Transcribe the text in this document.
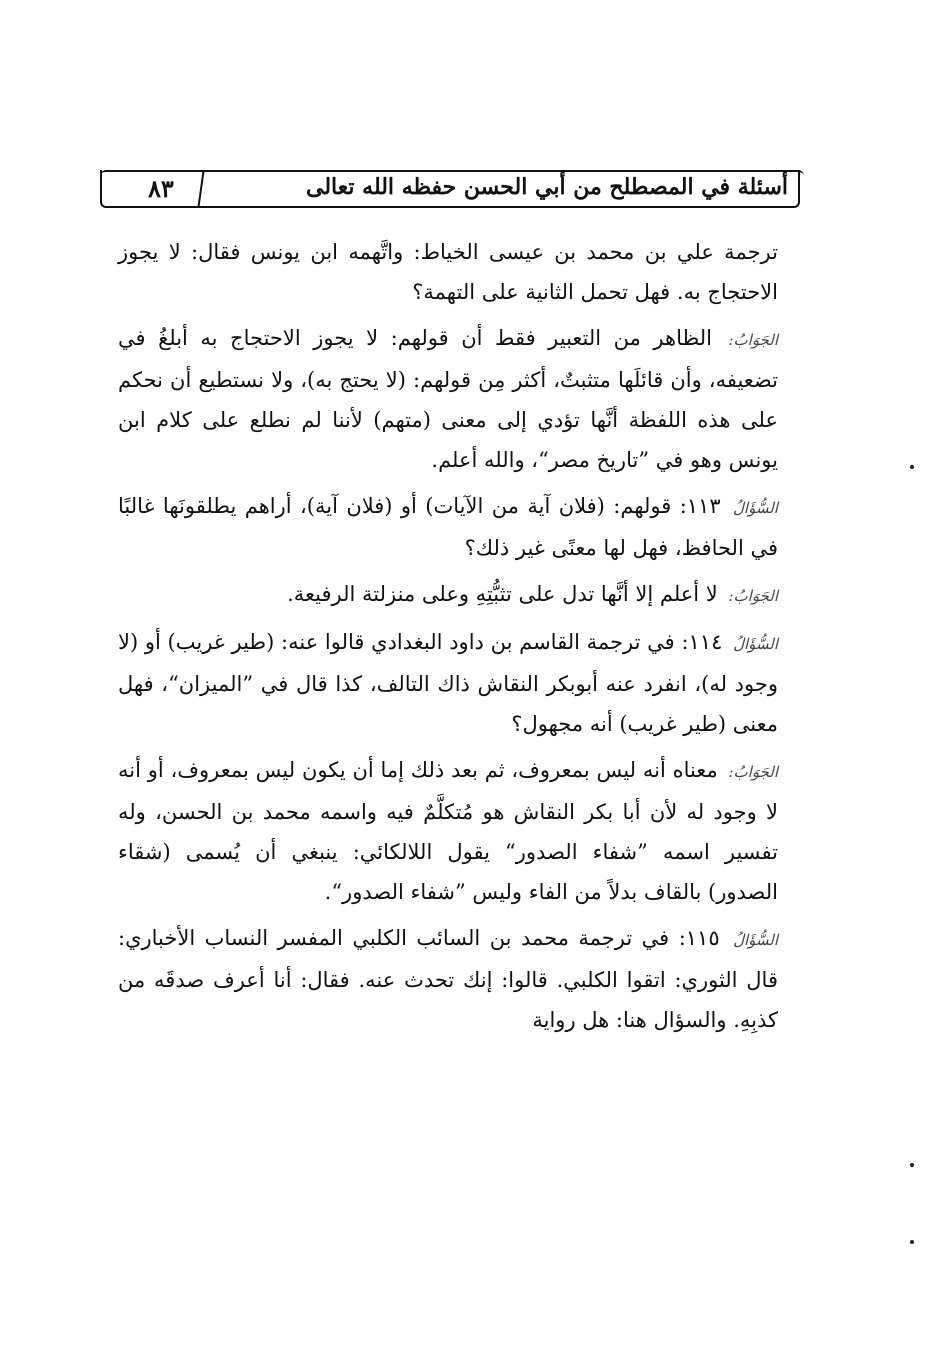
أسئلة في المصطلح من أبي الحسن حفظه الله تعالى
٨٣

ترجمة علي بن محمد بن عيسى الخياط: واتَّهمه ابن يونس فقال: لا يجوز الاحتجاج به. فهل تحمل الثانية على التهمة؟

الجَوَابُ: الظاهر من التعبير فقط أن قولهم: لا يجوز الاحتجاج به أبلغُ في تضعيفه، وأن قائلَها متثبتٌ، أكثر مِن قولهم: (لا يحتج به)، ولا نستطيع أن نحكم على هذه اللفظة أنَّها تؤدي إلى معنى (متهم) لأننا لم نطلع على كلام ابن يونس وهو في ”تاريخ مصر“، والله أعلم.

السُّؤَالُ ١١٣: قولهم: (فلان آية من الآيات) أو (فلان آية)، أراهم يطلقونَها غالبًا في الحافظ، فهل لها معنًى غير ذلك؟

الجَوَابُ: لا أعلم إلا أنَّها تدل على تثبُّتِهِ وعلى منزلتة الرفيعة.

السُّؤَالُ ١١٤: في ترجمة القاسم بن داود البغدادي قالوا عنه: (طير غريب) أو (لا وجود له)، انفرد عنه أبوبكر النقاش ذاك التالف، كذا قال في ”الميزان“، فهل معنى (طير غريب) أنه مجهول؟

الجَوَابُ: معناه أنه ليس بمعروف، ثم بعد ذلك إما أن يكون ليس بمعروف، أو أنه لا وجود له لأن أبا بكر النقاش هو مُتكلَّمٌ فيه واسمه محمد بن الحسن، وله تفسير اسمه ”شفاء الصدور“ يقول اللالكائي: ينبغي أن يُسمى (شقاء الصدور) بالقاف بدلاً من الفاء وليس ”شفاء الصدور“.

السُّؤَالُ ١١٥: في ترجمة محمد بن السائب الكلبي المفسر النساب الأخباري: قال الثوري: اتقوا الكلبي. قالوا: إنك تحدث عنه. فقال: أنا أعرف صدقَه من كذبِهِ. والسؤال هنا: هل رواية
